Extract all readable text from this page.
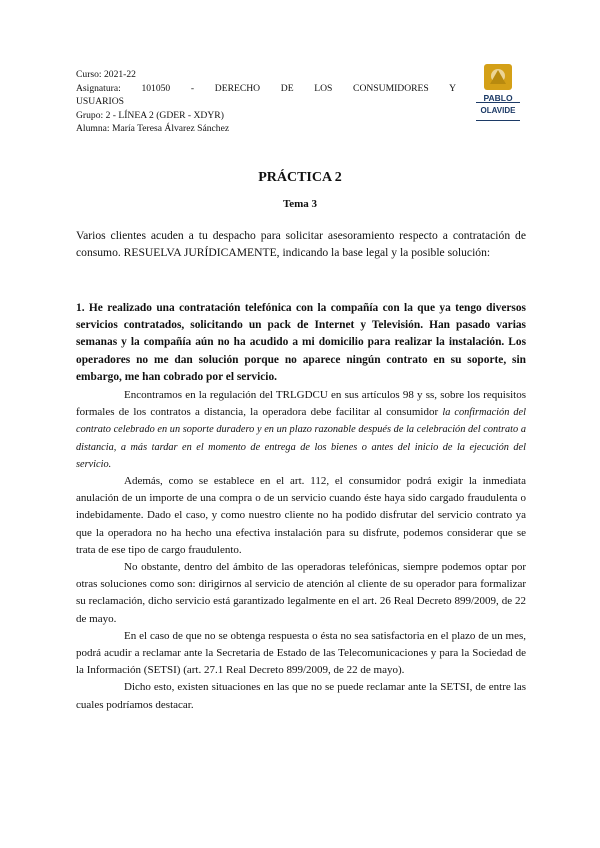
Curso: 2021-22
Asignatura: 101050 - DERECHO DE LOS CONSUMIDORES Y
USUARIOS
Grupo: 2 - LÍNEA 2 (GDER - XDYR)
Alumna: María Teresa Álvarez Sánchez
PABLO
OLAVIDE
PRÁCTICA 2
Tema 3
Varios clientes acuden a tu despacho para solicitar asesoramiento respecto a contratación de consumo. RESUELVA JURÍDICAMENTE, indicando la base legal y la posible solución:
1. He realizado una contratación telefónica con la compañía con la que ya tengo diversos servicios contratados, solicitando un pack de Internet y Televisión. Han pasado varias semanas y la compañía aún no ha acudido a mi domicilio para realizar la instalación. Los operadores no me dan solución porque no aparece ningún contrato en su soporte, sin embargo, me han cobrado por el servicio.

Encontramos en la regulación del TRLGDCU en sus artículos 98 y ss, sobre los requisitos formales de los contratos a distancia, la operadora debe facilitar al consumidor la confirmación del contrato celebrado en un soporte duradero y en un plazo razonable después de la celebración del contrato a distancia, a más tardar en el momento de entrega de los bienes o antes del inicio de la ejecución del servicio.

Además, como se establece en el art. 112, el consumidor podrá exigir la inmediata anulación de un importe de una compra o de un servicio cuando éste haya sido cargado fraudulenta o indebidamente. Dado el caso, y como nuestro cliente no ha podido disfrutar del servicio contrato ya que la operadora no ha hecho una efectiva instalación para su disfrute, podemos considerar que se trata de ese tipo de cargo fraudulento.

No obstante, dentro del ámbito de las operadoras telefónicas, siempre podemos optar por otras soluciones como son: dirigirnos al servicio de atención al cliente de su operador para formalizar su reclamación, dicho servicio está garantizado legalmente en el art. 26 Real Decreto 899/2009, de 22 de mayo.

En el caso de que no se obtenga respuesta o ésta no sea satisfactoria en el plazo de un mes, podrá acudir a reclamar ante la Secretaria de Estado de las Telecomunicaciones y para la Sociedad de la Información (SETSI) (art. 27.1 Real Decreto 899/2009, de 22 de mayo).

Dicho esto, existen situaciones en las que no se puede reclamar ante la SETSI, de entre las cuales podríamos destacar.
